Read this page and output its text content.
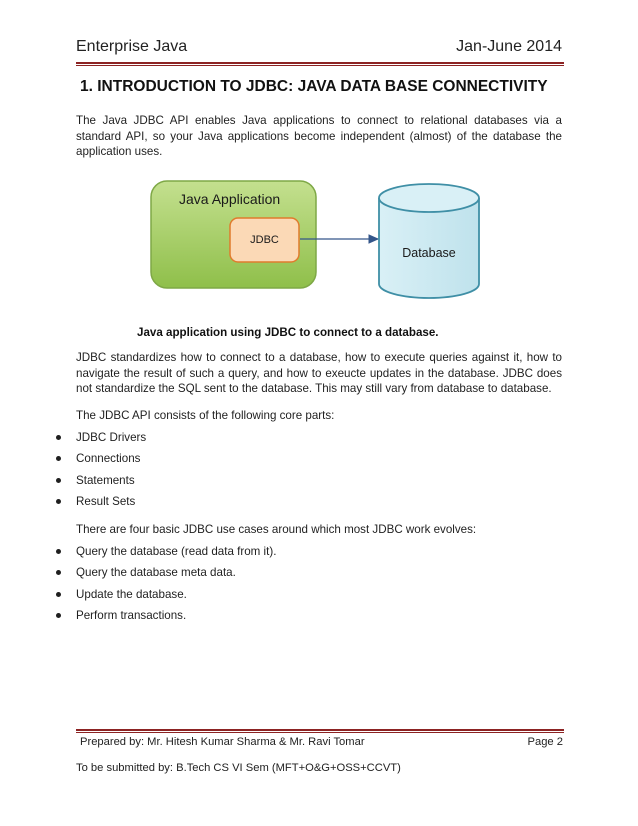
Enterprise Java	Jan-June 2014
1. INTRODUCTION TO JDBC: JAVA DATA BASE CONNECTIVITY
The Java JDBC API enables Java applications to connect to relational databases via a standard API, so your Java applications become independent (almost) of the database the application uses.
Java Application
JDBC
Database
Java application using JDBC to connect to a database.
JDBC standardizes how to connect to a database, how to execute queries against it, how to navigate the result of such a query, and how to exeucte updates in the database. JDBC does not standardize the SQL sent to the database. This may still vary from database to database.
The JDBC API consists of the following core parts:
JDBC Drivers
Connections
Statements
Result Sets
There are four basic JDBC use cases around which most JDBC work evolves:
Query the database (read data from it).
Query the database meta data.
Update the database.
Perform transactions.
Prepared by: Mr. Hitesh Kumar Sharma & Mr. Ravi Tomar	Page 2
To be submitted by: B.Tech CS VI Sem (MFT+O&G+OSS+CCVT)
